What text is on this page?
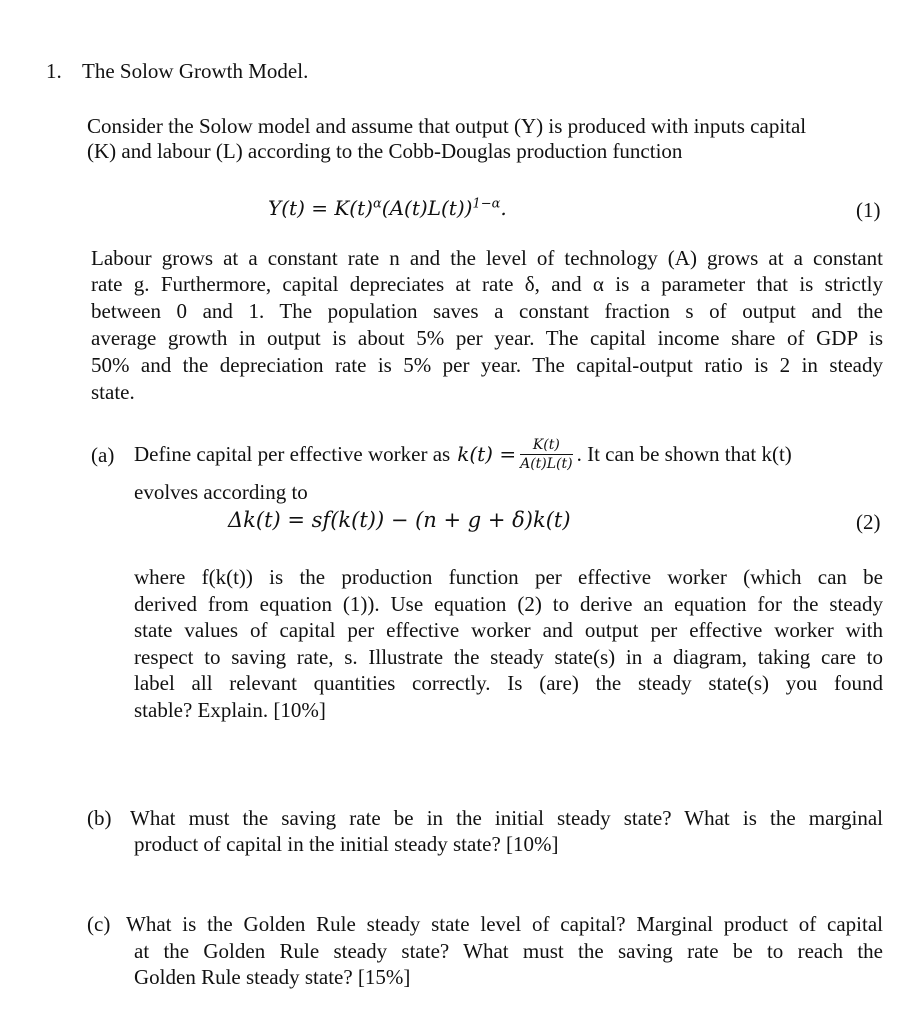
1. The Solow Growth Model.
Consider the Solow model and assume that output (Y) is produced with inputs capital
(K) and labour (L) according to the Cobb-Douglas production function
$Y(t) = K(t)^\alpha(A(t)L(t))^{1-\alpha}$.	(1)
Labour grows at a constant rate n and the level of technology (A) grows at a constant
rate g. Furthermore, capital depreciates at rate δ, and α is a parameter that is strictly
between 0 and 1. The population saves a constant fraction s of output and the
average growth in output is about 5% per year. The capital income share of GDP is
50% and the depreciation rate is 5% per year. The capital-output ratio is 2 in steady
state.
(a) Define capital per effective worker as $k(t) = \frac{K(t)}{A(t)L(t)}$ . It can be shown that k(t)
evolves according to
Δk(t) = sf(k(t)) − (n + g + δ)k(t)	(2)
where f(k(t)) is the production function per effective worker (which can be
derived from equation (1)). Use equation (2) to derive an equation for the steady
state values of capital per effective worker and output per effective worker with
respect to saving rate, s. Illustrate the steady state(s) in a diagram, taking care to
label all relevant quantities correctly. Is (are) the steady state(s) you found
stable? Explain. [10%]
(b) What must the saving rate be in the initial steady state? What is the marginal
product of capital in the initial steady state? [10%]
(c) What is the Golden Rule steady state level of capital? Marginal product of capital
at the Golden Rule steady state? What must the saving rate be to reach the
Golden Rule steady state? [15%]
